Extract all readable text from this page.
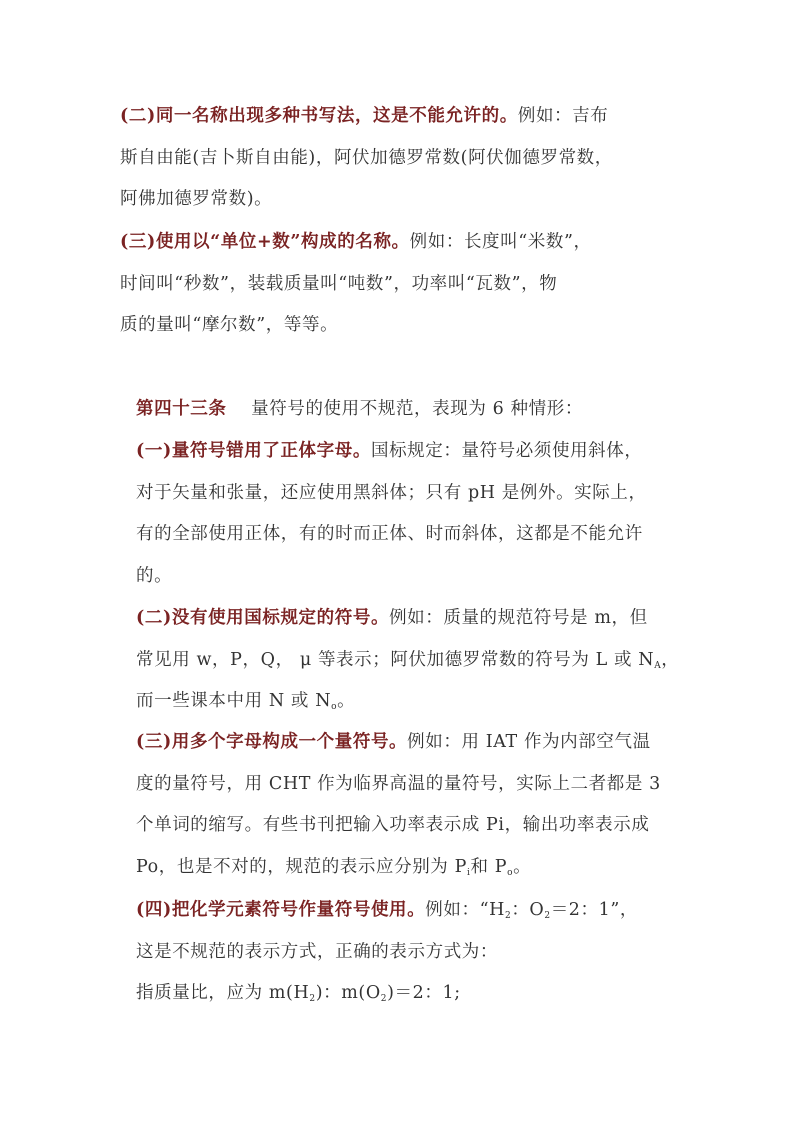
(二)同一名称出现多种书写法，这是不能允许的。例如：吉布
斯自由能(吉卜斯自由能)，阿伏加德罗常数(阿伏伽德罗常数，
阿佛加德罗常数)。
(三)使用以“单位+数”构成的名称。例如：长度叫“米数”，
时间叫“秒数”，装载质量叫“吨数”，功率叫“瓦数”，物
质的量叫“摩尔数”，等等。
第四十三条 量符号的使用不规范，表现为 6 种情形：
(一)量符号错用了正体字母。国标规定：量符号必须使用斜体，
对于矢量和张量，还应使用黑斜体；只有 pH 是例外。实际上，
有的全部使用正体，有的时而正体、时而斜体，这都是不能允许
的。
(二)没有使用国标规定的符号。例如：质量的规范符号是 m，但
常见用 w，P，Q， μ 等表示；阿伏加德罗常数的符号为 L 或 $N_A$，
而一些课本中用 N 或 $N_o$。
(三)用多个字母构成一个量符号。例如：用 IAT 作为内部空气温
度的量符号，用 CHT 作为临界高温的量符号，实际上二者都是 3
个单词的缩写。有些书刊把输入功率表示成 Pi，输出功率表示成
Po，也是不对的，规范的表示应分别为 $P_i$和 $P_o$。
(四)把化学元素符号作量符号使用。例如：“$H_2$：$O_2=2$：1”，
这是不规范的表示方式，正确的表示方式为：
指质量比，应为 $m(H_2)$：$m(O_2)=2$：1;
